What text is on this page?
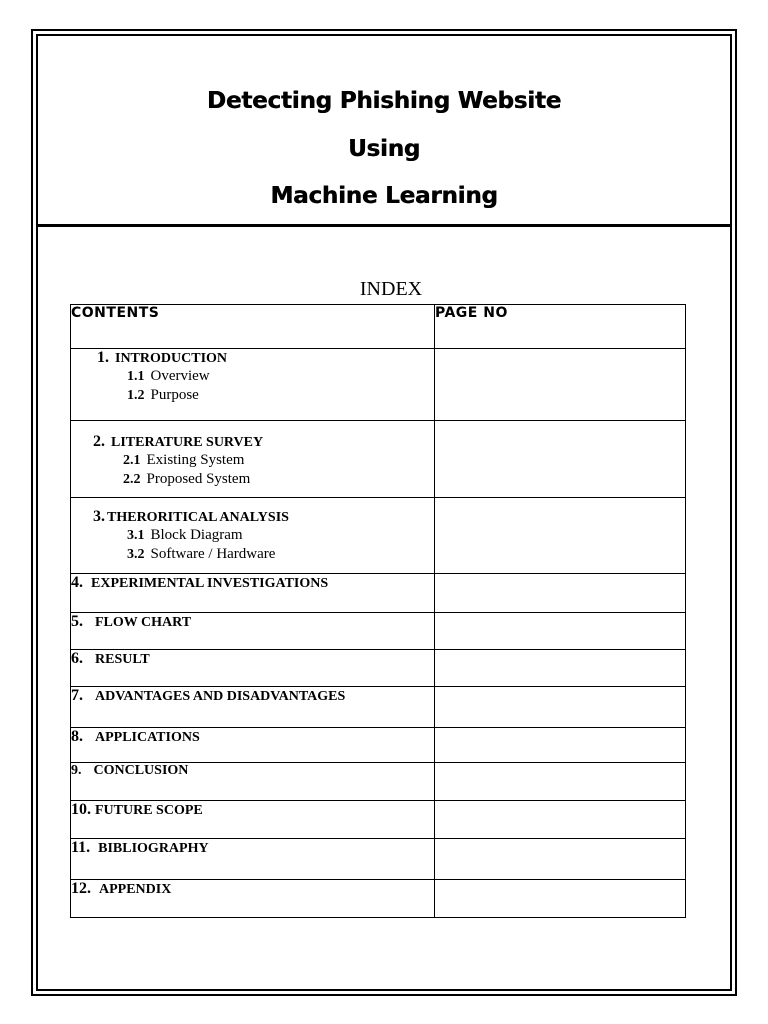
Detecting Phishing Website
Using
Machine Learning
INDEX
CONTENTS	PAGE NO

1. INTRODUCTION
1.1 Overview
1.2 Purpose	

2. LITERATURE SURVEY
2.1 Existing System
2.2 Proposed System	

3. THERORITICAL ANALYSIS
3.1 Block Diagram
3.2 Software / Hardware	

4. EXPERIMENTAL INVESTIGATIONS	

5. FLOW CHART	

6. RESULT	

7. ADVANTAGES AND DISADVANTAGES	

8. APPLICATIONS	

9. CONCLUSION	

10. FUTURE SCOPE	

11. BIBLIOGRAPHY	

12. APPENDIX	
